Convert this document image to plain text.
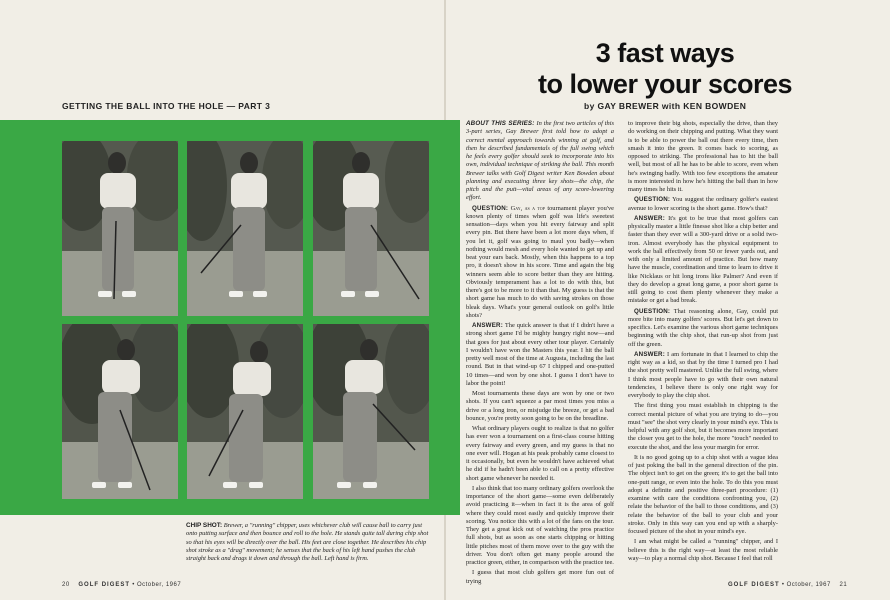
3 fast ways
to lower your scores
by GAY BREWER with KEN BOWDEN
GETTING THE BALL INTO THE HOLE — PART 3
CHIP SHOT: Brewer, a "running" chipper, uses whichever club will cause ball to carry just onto putting surface and then bounce and roll to the hole. He stands quite tall during chip shot so that his eyes will be directly over the ball. His feet are close together. He describes his chip shot stroke as a "drag" movement; he senses that the back of his left hand pushes the club straight back and drags it down and through the ball. Left hand is firm.

ABOUT THIS SERIES: In the first two articles of this 3-part series, Gay Brewer first told how to adopt a correct mental approach towards winning at golf, and then he described fundamentals of the full swing which he feels every golfer should seek to incorporate into his own, individual technique of striking the ball. This month Brewer talks with Golf Digest writer Ken Bowden about planning and executing three key shots—the chip, the pitch and the putt—vital areas of any score-lowering effort.

QUESTION: Gay, as a top tournament player you've known plenty of times when golf was life's sweetest sensation—days when you hit every fairway and split every pin. But there have been a lot more days when, if you let it, golf was going to maul you badly—when nothing would mesh and every hole wanted to get up and beat your ears back. Mostly, when this happens to a top pro, it doesn't show in his score. Time and again the big winners seem able to score better than they are hitting. Obviously temperament has a lot to do with this, but there's got to be more to it than that. My guess is that the short game has much to do with saving strokes on those bleak days. What's your general outlook on golf's little shots?

ANSWER: The quick answer is that if I didn't have a strong short game I'd be mighty hungry right now—and that goes for just about every other tour player. Certainly I wouldn't have won the Masters this year. I hit the ball pretty well most of the time at Augusta, including the last round. But in that wind-up 67 I chipped and one-putted 10 times—and won by one shot. I guess I don't have to labor the point!

Most tournaments these days are won by one or two shots. If you can't squeeze a par most times you miss a drive or a long iron, or misjudge the breeze, or get a bad bounce, you're pretty soon going to be on the breadline.

What ordinary players ought to realize is that no golfer has ever won a tournament on a first-class course hitting every fairway and every green, and my guess is that no one ever will. Hogan at his peak probably came closest to it occasionally, but even he wouldn't have achieved what he did if he hadn't been able to call on a pretty effective short game whenever he needed it.

I also think that too many ordinary golfers overlook the importance of the short game—some even deliberately avoid practicing it—when in fact it is the area of golf where they could most easily and quickly improve their scoring. You notice this with a lot of the fans on the tour. They get a great kick out of watching the pros practice full shots, but as soon as one starts chipping or hitting little pitches most of them move over to the guy with the driver. You don't often get many people around the practice green, either, in comparison with the practice tee.

I guess that most club golfers get more fun out of trying

to improve their big shots, especially the drive, than they do working on their chipping and putting. What they want is to be able to power the ball out there every time, then smash it into the green. It comes back to scoring, as opposed to striking. The professional has to hit the ball well, but most of all he has to be able to score, even when he's swinging badly. With too few exceptions the amateur is more interested in how he's hitting the ball than in how many times he hits it.

QUESTION: You suggest the ordinary golfer's easiest avenue to lower scoring is the short game. How's that?

ANSWER: It's got to be true that most golfers can physically master a little finesse shot like a chip better and faster than they ever will a 300-yard drive or a solid two-iron. Almost everybody has the physical equipment to work the ball effectively from 50 or fewer yards out, and with only a limited amount of practice. But how many have the muscle, coordination and time to learn to drive it like Nicklaus or hit long irons like Palmer? And even if they do develop a great long game, a poor short game is still going to cost them plenty whenever they make a mistake or get a bad break.

QUESTION: That reasoning alone, Gay, could put more bite into many golfers' scores. But let's get down to specifics. Let's examine the various short game techniques beginning with the chip shot, that run-up shot from just off the green.

ANSWER: I am fortunate in that I learned to chip the right way as a kid, so that by the time I turned pro I had the shot pretty well mastered. Unlike the full swing, where I think most people have to go with their own natural tendencies, I believe there is only one right way for everybody to play the chip shot.

The first thing you must establish in chipping is the correct mental picture of what you are trying to do—you must "see" the shot very clearly in your mind's eye. This is helpful with any golf shot, but it becomes more important the closer you get to the hole, the more "touch" needed to execute the shot, and the less your margin for error.

It is no good going up to a chip shot with a vague idea of just poking the ball in the general direction of the pin. The object isn't to get on the green; it's to get the ball into one-putt range, or even into the hole. To do this you must adopt a definite and positive three-part procedure: (1) examine with care the conditions confronting you, (2) relate the behavior of the ball to those conditions, and (3) relate the behavior of the ball to your club and your stroke. Only in this way can you end up with a sharply-focused picture of the shot in your mind's eye.

I am what might be called a "running" chipper, and I believe this is the right way—at least the most reliable way—to play a normal chip shot. Because I feel that roll

20 GOLF DIGEST • October, 1967	GOLF DIGEST • October, 1967 21
